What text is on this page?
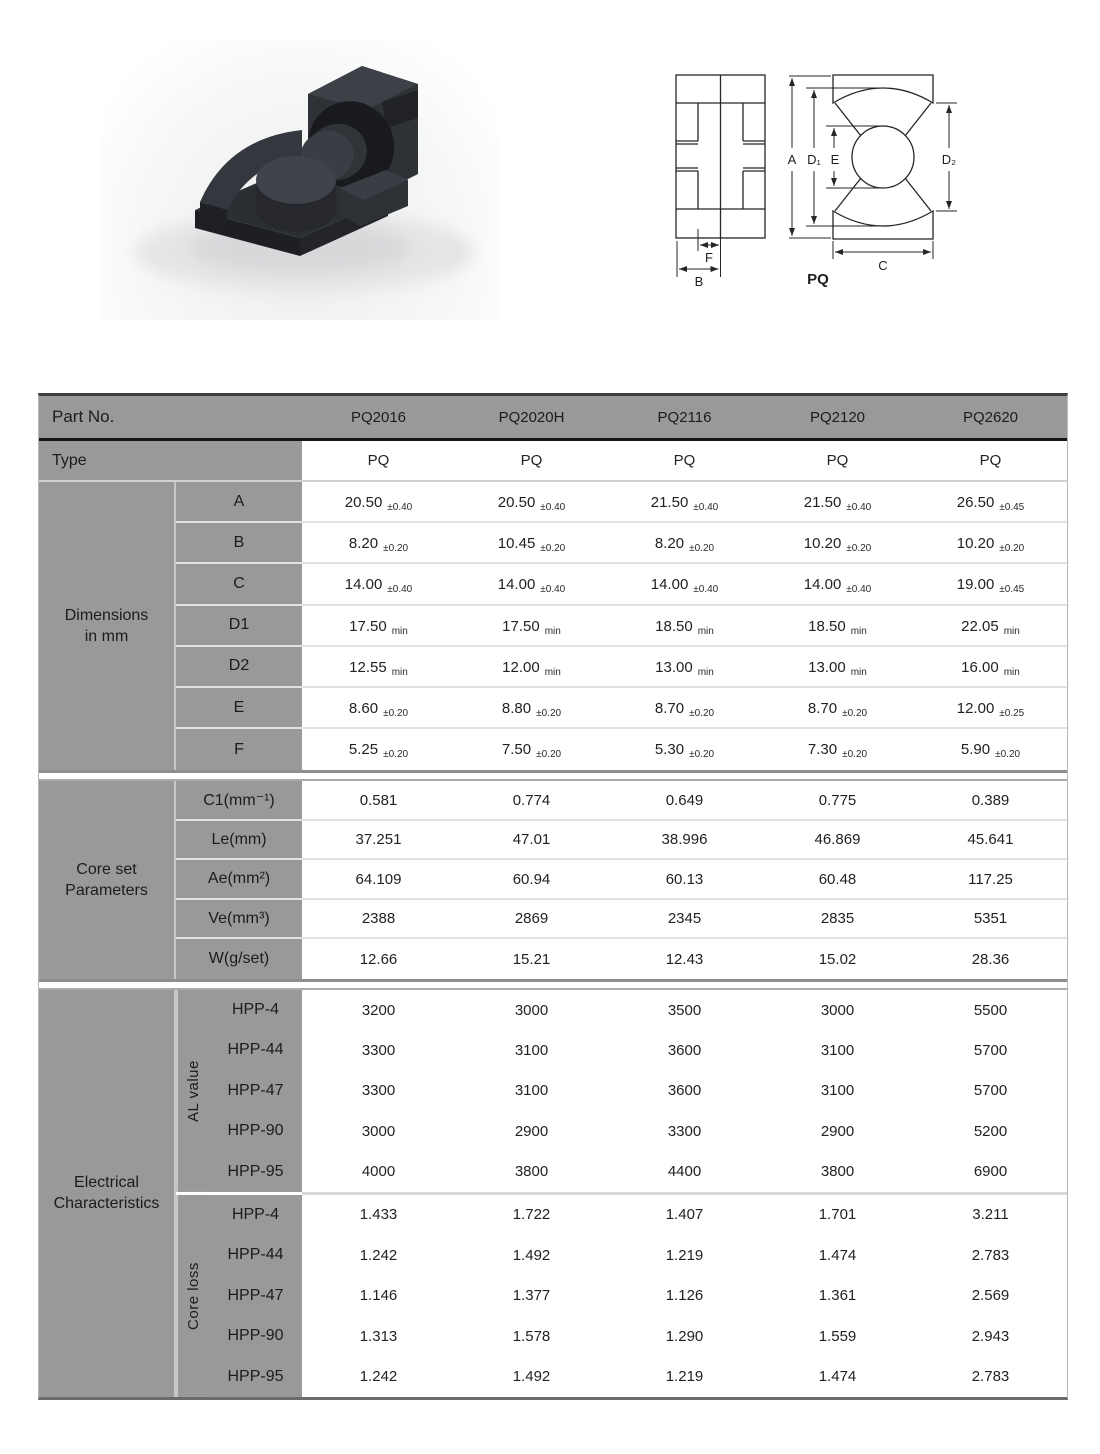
F
B
A D₁ E	D₂
C
PQ
Part No.	PQ2016	PQ2020H	PQ2116	PQ2120	PQ2620
Type	PQ	PQ	PQ	PQ	PQ
Dimensions
in mm
A	20.50 ±0.40	20.50 ±0.40	21.50 ±0.40	21.50 ±0.40	26.50 ±0.45
B	8.20 ±0.20	10.45 ±0.20	8.20 ±0.20	10.20 ±0.20	10.20 ±0.20
C	14.00 ±0.40	14.00 ±0.40	14.00 ±0.40	14.00 ±0.40	19.00 ±0.45
D1	17.50 min	17.50 min	18.50 min	18.50 min	22.05 min
D2	12.55 min	12.00 min	13.00 min	13.00 min	16.00 min
E	8.60 ±0.20	8.80 ±0.20	8.70 ±0.20	8.70 ±0.20	12.00 ±0.25
F	5.25 ±0.20	7.50 ±0.20	5.30 ±0.20	7.30 ±0.20	5.90 ±0.20
Core set
Parameters
C1(mm⁻¹)	0.581	0.774	0.649	0.775	0.389
Le(mm)	37.251	47.01	38.996	46.869	45.641
Ae(mm²)	64.109	60.94	60.13	60.48	117.25
Ve(mm³)	2388	2869	2345	2835	5351
W(g/set)	12.66	15.21	12.43	15.02	28.36
Electrical
Characteristics
AL value
HPP-4	3200	3000	3500	3000	5500
HPP-44	3300	3100	3600	3100	5700
HPP-47	3300	3100	3600	3100	5700
HPP-90	3000	2900	3300	2900	5200
HPP-95	4000	3800	4400	3800	6900
Core loss
HPP-4	1.433	1.722	1.407	1.701	3.211
HPP-44	1.242	1.492	1.219	1.474	2.783
HPP-47	1.146	1.377	1.126	1.361	2.569
HPP-90	1.313	1.578	1.290	1.559	2.943
HPP-95	1.242	1.492	1.219	1.474	2.783
